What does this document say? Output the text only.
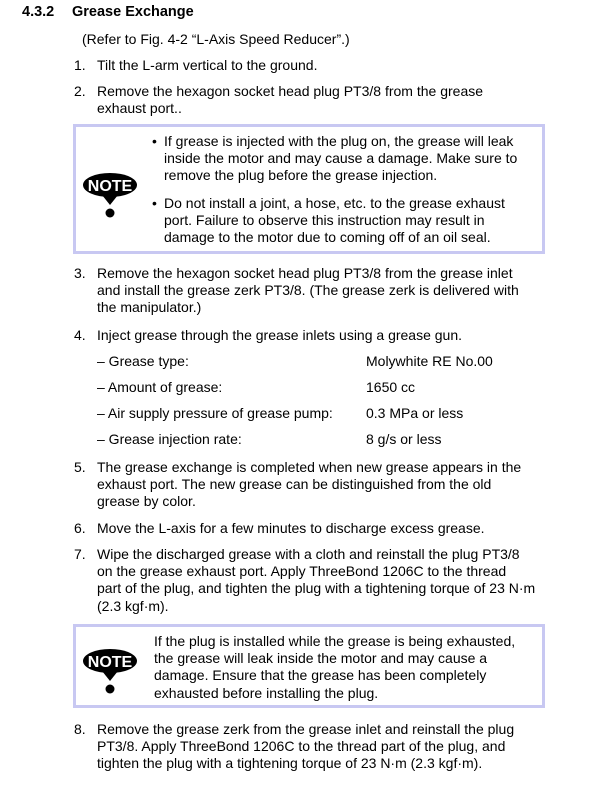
4.3.2 Grease Exchange
(Refer to Fig. 4-2 “L-Axis Speed Reducer”.)
1. Tilt the L-arm vertical to the ground.
2. Remove the hexagon socket head plug PT3/8 from the grease
exhaust port..
NOTE
• If grease is injected with the plug on, the grease will leak
inside the motor and may cause a damage. Make sure to
remove the plug before the grease injection.
• Do not install a joint, a hose, etc. to the grease exhaust
port. Failure to observe this instruction may result in
damage to the motor due to coming off of an oil seal.
3. Remove the hexagon socket head plug PT3/8 from the grease inlet
and install the grease zerk PT3/8. (The grease zerk is delivered with
the manipulator.)
4. Inject grease through the grease inlets using a grease gun.
– Grease type:	Molywhite RE No.00
– Amount of grease:	1650 cc
– Air supply pressure of grease pump: 0.3 MPa or less
– Grease injection rate:	8 g/s or less
5. The grease exchange is completed when new grease appears in the
exhaust port. The new grease can be distinguished from the old
grease by color.
6. Move the L-axis for a few minutes to discharge excess grease.
7. Wipe the discharged grease with a cloth and reinstall the plug PT3/8
on the grease exhaust port. Apply ThreeBond 1206C to the thread
part of the plug, and tighten the plug with a tightening torque of 23 N·m
(2.3 kgf·m).
NOTE
If the plug is installed while the grease is being exhausted,
the grease will leak inside the motor and may cause a
damage. Ensure that the grease has been completely
exhausted before installing the plug.
8. Remove the grease zerk from the grease inlet and reinstall the plug
PT3/8. Apply ThreeBond 1206C to the thread part of the plug, and
tighten the plug with a tightening torque of 23 N·m (2.3 kgf·m).
